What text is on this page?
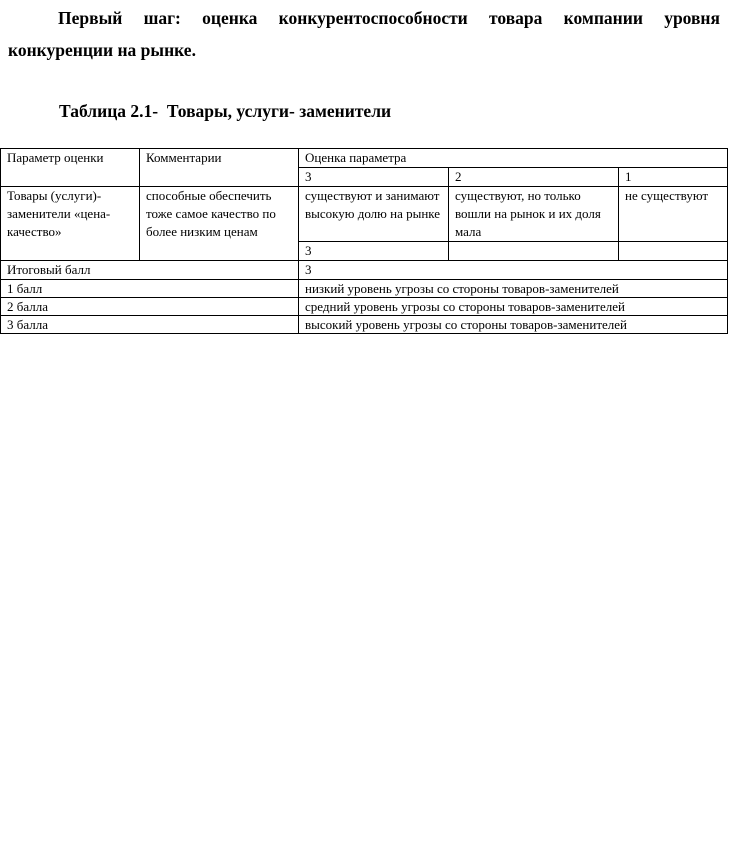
Первый шаг: оценка конкурентоспособности товара компании уровня конкуренции на рынке.
Таблица 2.1-  Товары, услуги- заменители
Параметр оценки	Комментарии	Оценка параметра		
		3	2	1
Товары (услуги)-заменители «цена-качество»	способные обеспечить тоже самое качество по более низким ценам	существуют и занимают высокую долю на рынке	существуют, но только вошли на рынок и их доля мала	не существуют
		3		
Итоговый балл		3		
1 балл		низкий уровень угрозы со стороны товаров-заменителей		
2 балла		средний уровень угрозы со стороны товаров-заменителей		
3 балла		высокий уровень угрозы со стороны товаров-заменителей		
